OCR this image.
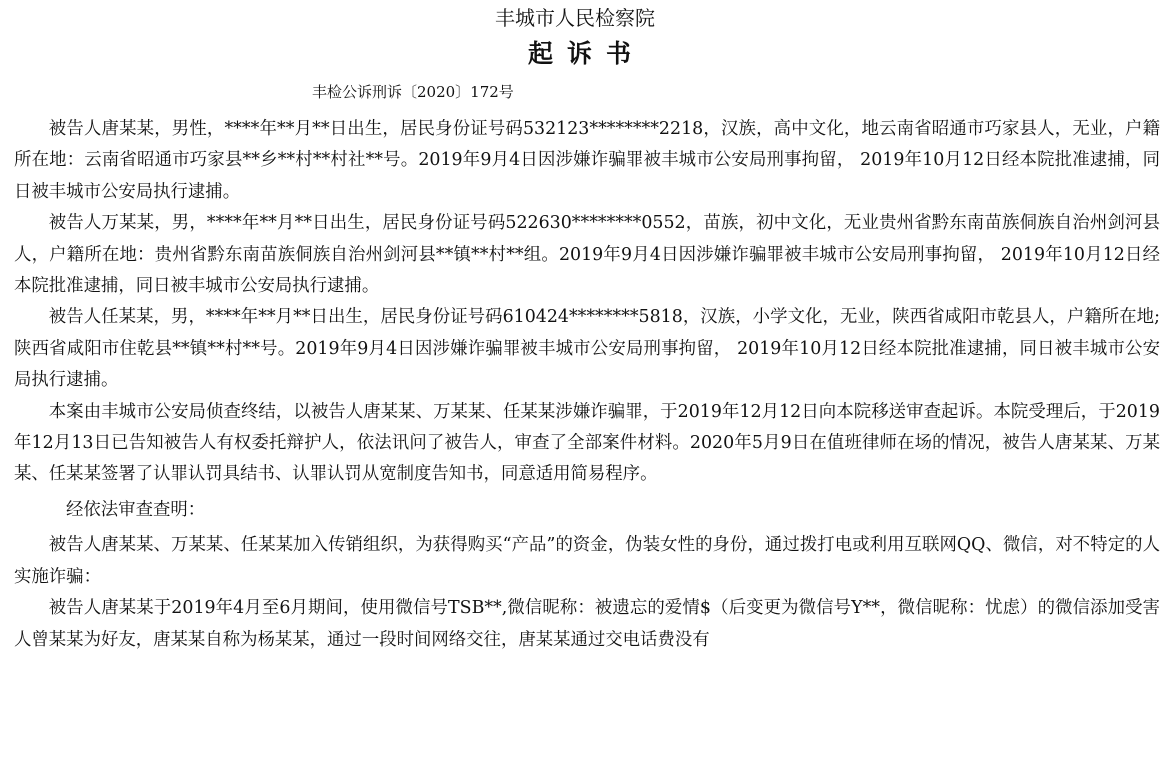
丰城市人民检察院
起诉书
丰检公诉刑诉〔2020〕172号

被告人唐某某，男性，****年**月**日出生，居民身份证号码532123********2218，汉族，高中文化，地云南省昭通市巧家县人，无业，户籍所在地：云南省昭通市巧家县**乡**村**村社**号。2019年9月4日因涉嫌诈骗罪被丰城市公安局刑事拘留， 2019年10月12日经本院批准逮捕，同日被丰城市公安局执行逮捕。

被告人万某某，男，****年**月**日出生，居民身份证号码522630********0552，苗族，初中文化，无业贵州省黔东南苗族侗族自治州剑河县人，户籍所在地：贵州省黔东南苗族侗族自治州剑河县**镇**村**组。2019年9月4日因涉嫌诈骗罪被丰城市公安局刑事拘留， 2019年10月12日经本院批准逮捕，同日被丰城市公安局执行逮捕。

被告人任某某，男，****年**月**日出生，居民身份证号码610424********5818，汉族，小学文化，无业，陕西省咸阳市乾县人，户籍所在地;陕西省咸阳市住乾县**镇**村**号。2019年9月4日因涉嫌诈骗罪被丰城市公安局刑事拘留， 2019年10月12日经本院批准逮捕，同日被丰城市公安局执行逮捕。

本案由丰城市公安局侦查终结，以被告人唐某某、万某某、任某某涉嫌诈骗罪，于2019年12月12日向本院移送审查起诉。本院受理后，于2019年12月13日已告知被告人有权委托辩护人，依法讯问了被告人，审查了全部案件材料。2020年5月9日在值班律师在场的情况，被告人唐某某、万某某、任某某签署了认罪认罚具结书、认罪认罚从宽制度告知书，同意适用简易程序。

经依法审查查明：

被告人唐某某、万某某、任某某加入传销组织，为获得购买“产品”的资金，伪装女性的身份，通过拨打电或利用互联网QQ、微信，对不特定的人实施诈骗：

被告人唐某某于2019年4月至6月期间，使用微信号TSB**,微信昵称：被遗忘的爱情$（后变更为微信号Y**，微信昵称：忧虑）的微信添加受害人曾某某为好友，唐某某自称为杨某某，通过一段时间网络交往，唐某某通过交电话费没有
